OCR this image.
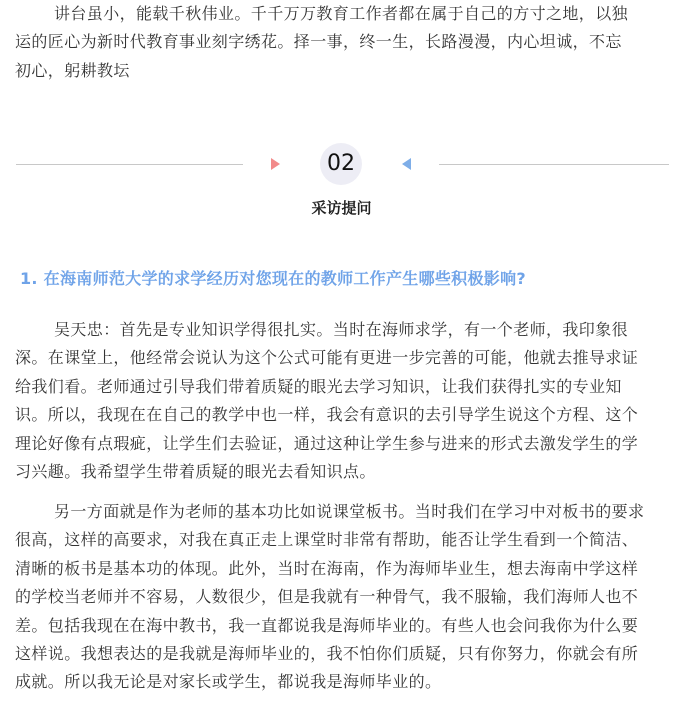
讲台虽小，能载千秋伟业。千千万万教育工作者都在属于自己的方寸之地，以独
运的匠心为新时代教育事业刻字绣花。择一事，终一生，长路漫漫，内心坦诚，不忘
初心，躬耕教坛
02
采访提问
1. 在海南师范大学的求学经历对您现在的教师工作产生哪些积极影响?
吴天忠：首先是专业知识学得很扎实。当时在海师求学，有一个老师，我印象很
深。在课堂上，他经常会说认为这个公式可能有更进一步完善的可能，他就去推导求证
给我们看。老师通过引导我们带着质疑的眼光去学习知识，让我们获得扎实的专业知
识。所以，我现在在自己的教学中也一样，我会有意识的去引导学生说这个方程、这个
理论好像有点瑕疵，让学生们去验证，通过这种让学生参与进来的形式去激发学生的学
习兴趣。我希望学生带着质疑的眼光去看知识点。
另一方面就是作为老师的基本功比如说课堂板书。当时我们在学习中对板书的要求
很高，这样的高要求，对我在真正走上课堂时非常有帮助，能否让学生看到一个简洁、
清晰的板书是基本功的体现。此外，当时在海南，作为海师毕业生，想去海南中学这样
的学校当老师并不容易，人数很少，但是我就有一种骨气，我不服输，我们海师人也不
差。包括我现在在海中教书，我一直都说我是海师毕业的。有些人也会问我你为什么要
这样说。我想表达的是我就是海师毕业的，我不怕你们质疑，只有你努力，你就会有所
成就。所以我无论是对家长或学生，都说我是海师毕业的。
